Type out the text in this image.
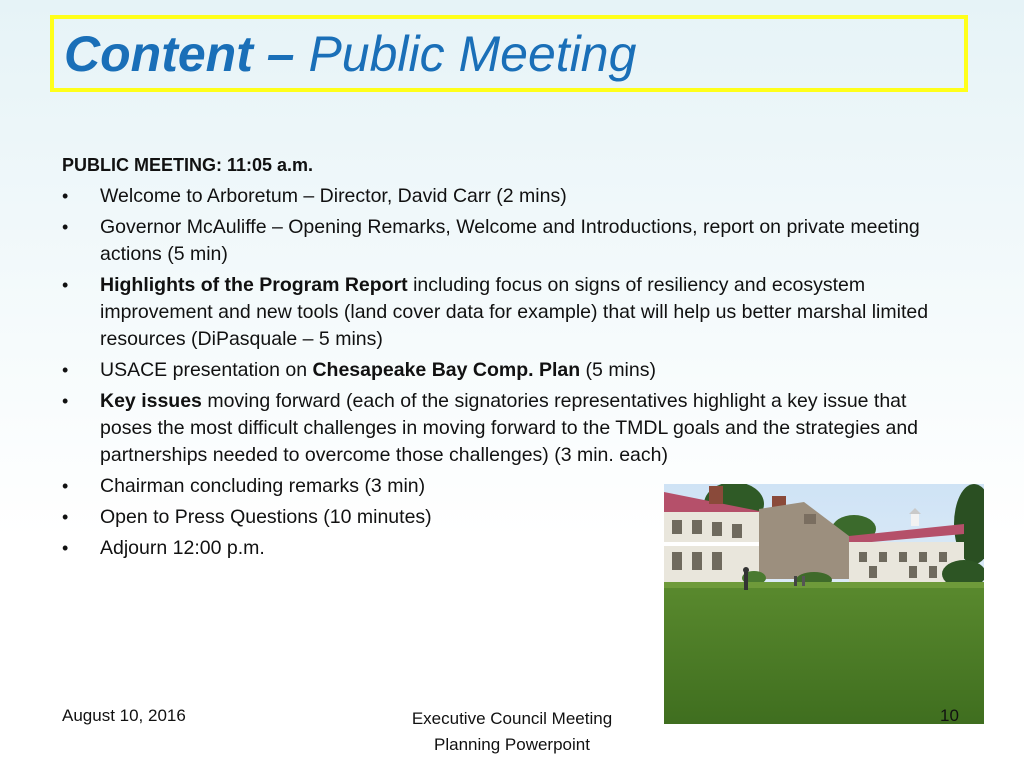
Content – Public Meeting
PUBLIC MEETING: 11:05 a.m.
• Welcome to Arboretum – Director, David Carr (2 mins)
• Governor McAuliffe – Opening Remarks, Welcome and Introductions, report on private meeting actions (5 min)
• Highlights of the Program Report including focus on signs of resiliency and ecosystem improvement and new tools (land cover data for example) that will help us better marshal limited resources (DiPasquale – 5 mins)
• USACE presentation on Chesapeake Bay Comp. Plan (5 mins)
• Key issues moving forward (each of the signatories representatives highlight a key issue that poses the most difficult challenges in moving forward to the TMDL goals and the strategies and partnerships needed to overcome those challenges) (3 min. each)
• Chairman concluding remarks (3 min)
• Open to Press Questions (10 minutes)
• Adjourn 12:00 p.m.
August 10, 2016	Executive Council Meeting
Planning Powerpoint
10
